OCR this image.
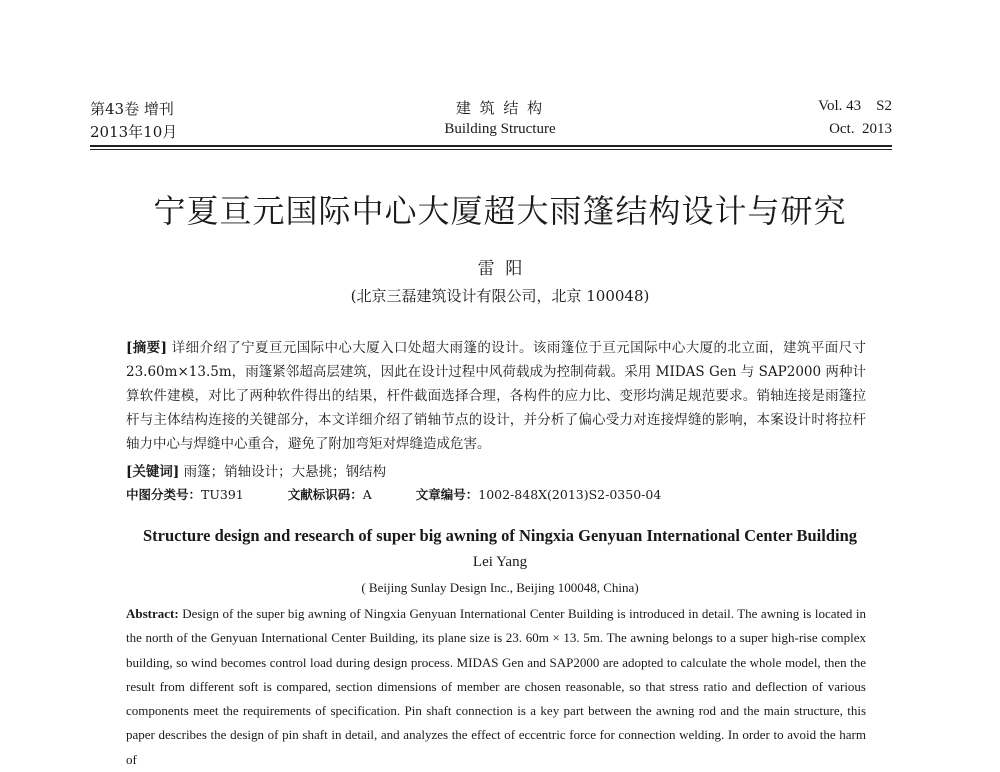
第43卷 增刊
2013年10月
建 筑 结 构
Building Structure
Vol. 43    S2
Oct.  2013
宁夏亘元国际中心大厦超大雨篷结构设计与研究
雷  阳
(北京三磊建筑设计有限公司，北京 100048)
[摘要] 详细介绍了宁夏亘元国际中心大厦入口处超大雨篷的设计。该雨篷位于亘元国际中心大厦的北立面，建筑平面尺寸23.60m×13.5m，雨篷紧邻超高层建筑，因此在设计过程中风荷载成为控制荷载。采用 MIDAS Gen 与 SAP2000 两种计算软件建模，对比了两种软件得出的结果，杆件截面选择合理，各构件的应力比、变形均满足规范要求。销轴连接是雨篷拉杆与主体结构连接的关键部分，本文详细介绍了销轴节点的设计，并分析了偏心受力对连接焊缝的影响，本案设计时将拉杆轴力中心与焊缝中心重合，避免了附加弯矩对焊缝造成危害。
[关键词] 雨篷；销轴设计；大悬挑；钢结构
中图分类号：TU391	文献标识码：A	文章编号：1002-848X(2013)S2-0350-04
Structure design and research of super big awning of Ningxia Genyuan International Center Building
Lei Yang
( Beijing Sunlay Design Inc., Beijing 100048, China)
Abstract: Design of the super big awning of Ningxia Genyuan International Center Building is introduced in detail. The awning is located in the north of the Genyuan International Center Building, its plane size is 23. 60m × 13. 5m. The awning belongs to a super high-rise complex building, so wind becomes control load during design process. MIDAS Gen and SAP2000 are adopted to calculate the whole model, then the result from different soft is compared, section dimensions of member are chosen reasonable, so that stress ratio and deflection of various components meet the requirements of specification. Pin shaft connection is a key part between the awning rod and the main structure, this paper describes the design of pin shaft in detail, and analyzes the effect of eccentric force for connection welding. In order to avoid the harm of
